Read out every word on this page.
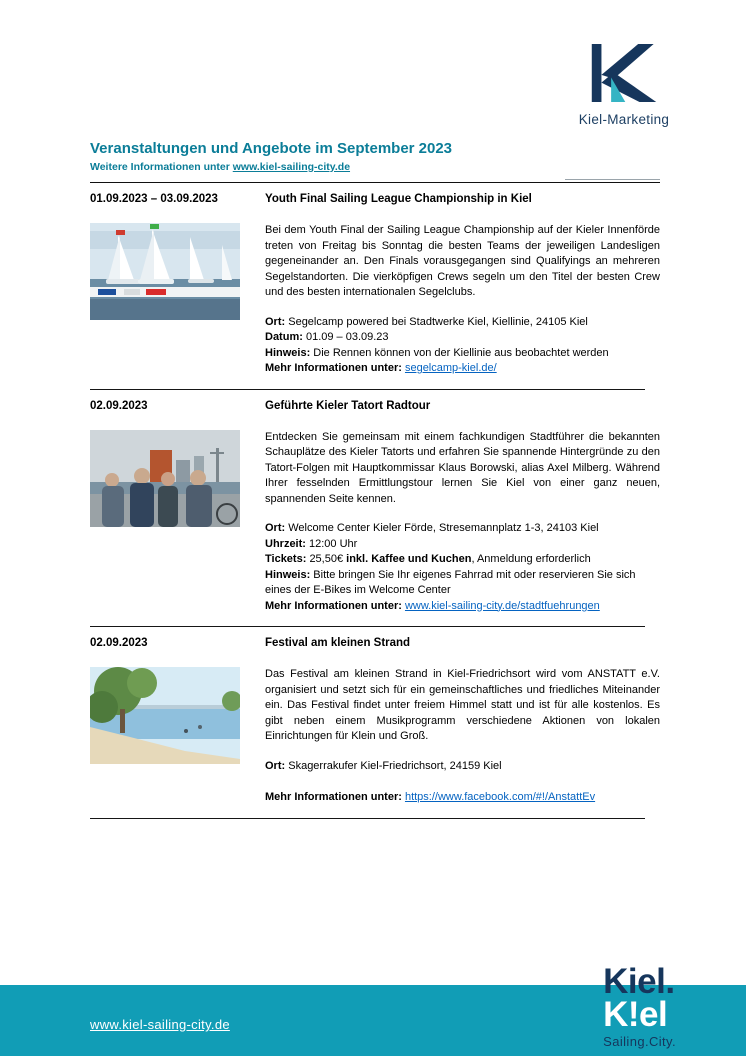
Kiel-Marketing
Veranstaltungen und Angebote im September 2023
Weitere Informationen unter www.kiel-sailing-city.de
01.09.2023 – 03.09.2023	Youth Final Sailing League Championship in Kiel

Bei dem Youth Final der Sailing League Championship auf der Kieler Innenförde treten von Freitag bis Sonntag die besten Teams der jeweiligen Landesligen gegeneinander an. Den Finals vorausgegangen sind Qualifyings an mehreren Segelstandorten. Die vierköpfigen Crews segeln um den Titel der besten Crew und des besten internationalen Segelclubs.

Ort: Segelcamp powered bei Stadtwerke Kiel, Kiellinie, 24105 Kiel
Datum: 01.09 – 03.09.23
Hinweis: Die Rennen können von der Kiellinie aus beobachtet werden
Mehr Informationen unter: segelcamp-kiel.de/
02.09.2023	Geführte Kieler Tatort Radtour

Entdecken Sie gemeinsam mit einem fachkundigen Stadtführer die bekannten Schauplätze des Kieler Tatorts und erfahren Sie spannende Hintergründe zu den Tatort-Folgen mit Hauptkommissar Klaus Borowski, alias Axel Milberg. Während Ihrer fesselnden Ermittlungstour lernen Sie Kiel von einer ganz neuen, spannenden Seite kennen.

Ort: Welcome Center Kieler Förde, Stresemannplatz 1-3, 24103 Kiel
Uhrzeit: 12:00 Uhr
Tickets: 25,50€ inkl. Kaffee und Kuchen, Anmeldung erforderlich
Hinweis: Bitte bringen Sie Ihr eigenes Fahrrad mit oder reservieren Sie sich eines der E-Bikes im Welcome Center
Mehr Informationen unter: www.kiel-sailing-city.de/stadtfuehrungen
02.09.2023	Festival am kleinen Strand

Das Festival am kleinen Strand in Kiel-Friedrichsort wird vom ANSTATT e.V. organisiert und setzt sich für ein gemeinschaftliches und friedliches Miteinander ein. Das Festival findet unter freiem Himmel statt und ist für alle kostenlos. Es gibt neben einem Musikprogramm verschiedene Aktionen von lokalen Einrichtungen für Klein und Groß.

Ort: Skagerrakufer Kiel-Friedrichsort, 24159 Kiel
Mehr Informationen unter: https://www.facebook.com/#!/AnstattEv
www.kiel-sailing-city.de
Kiel.
K!el
Sailing.City.
